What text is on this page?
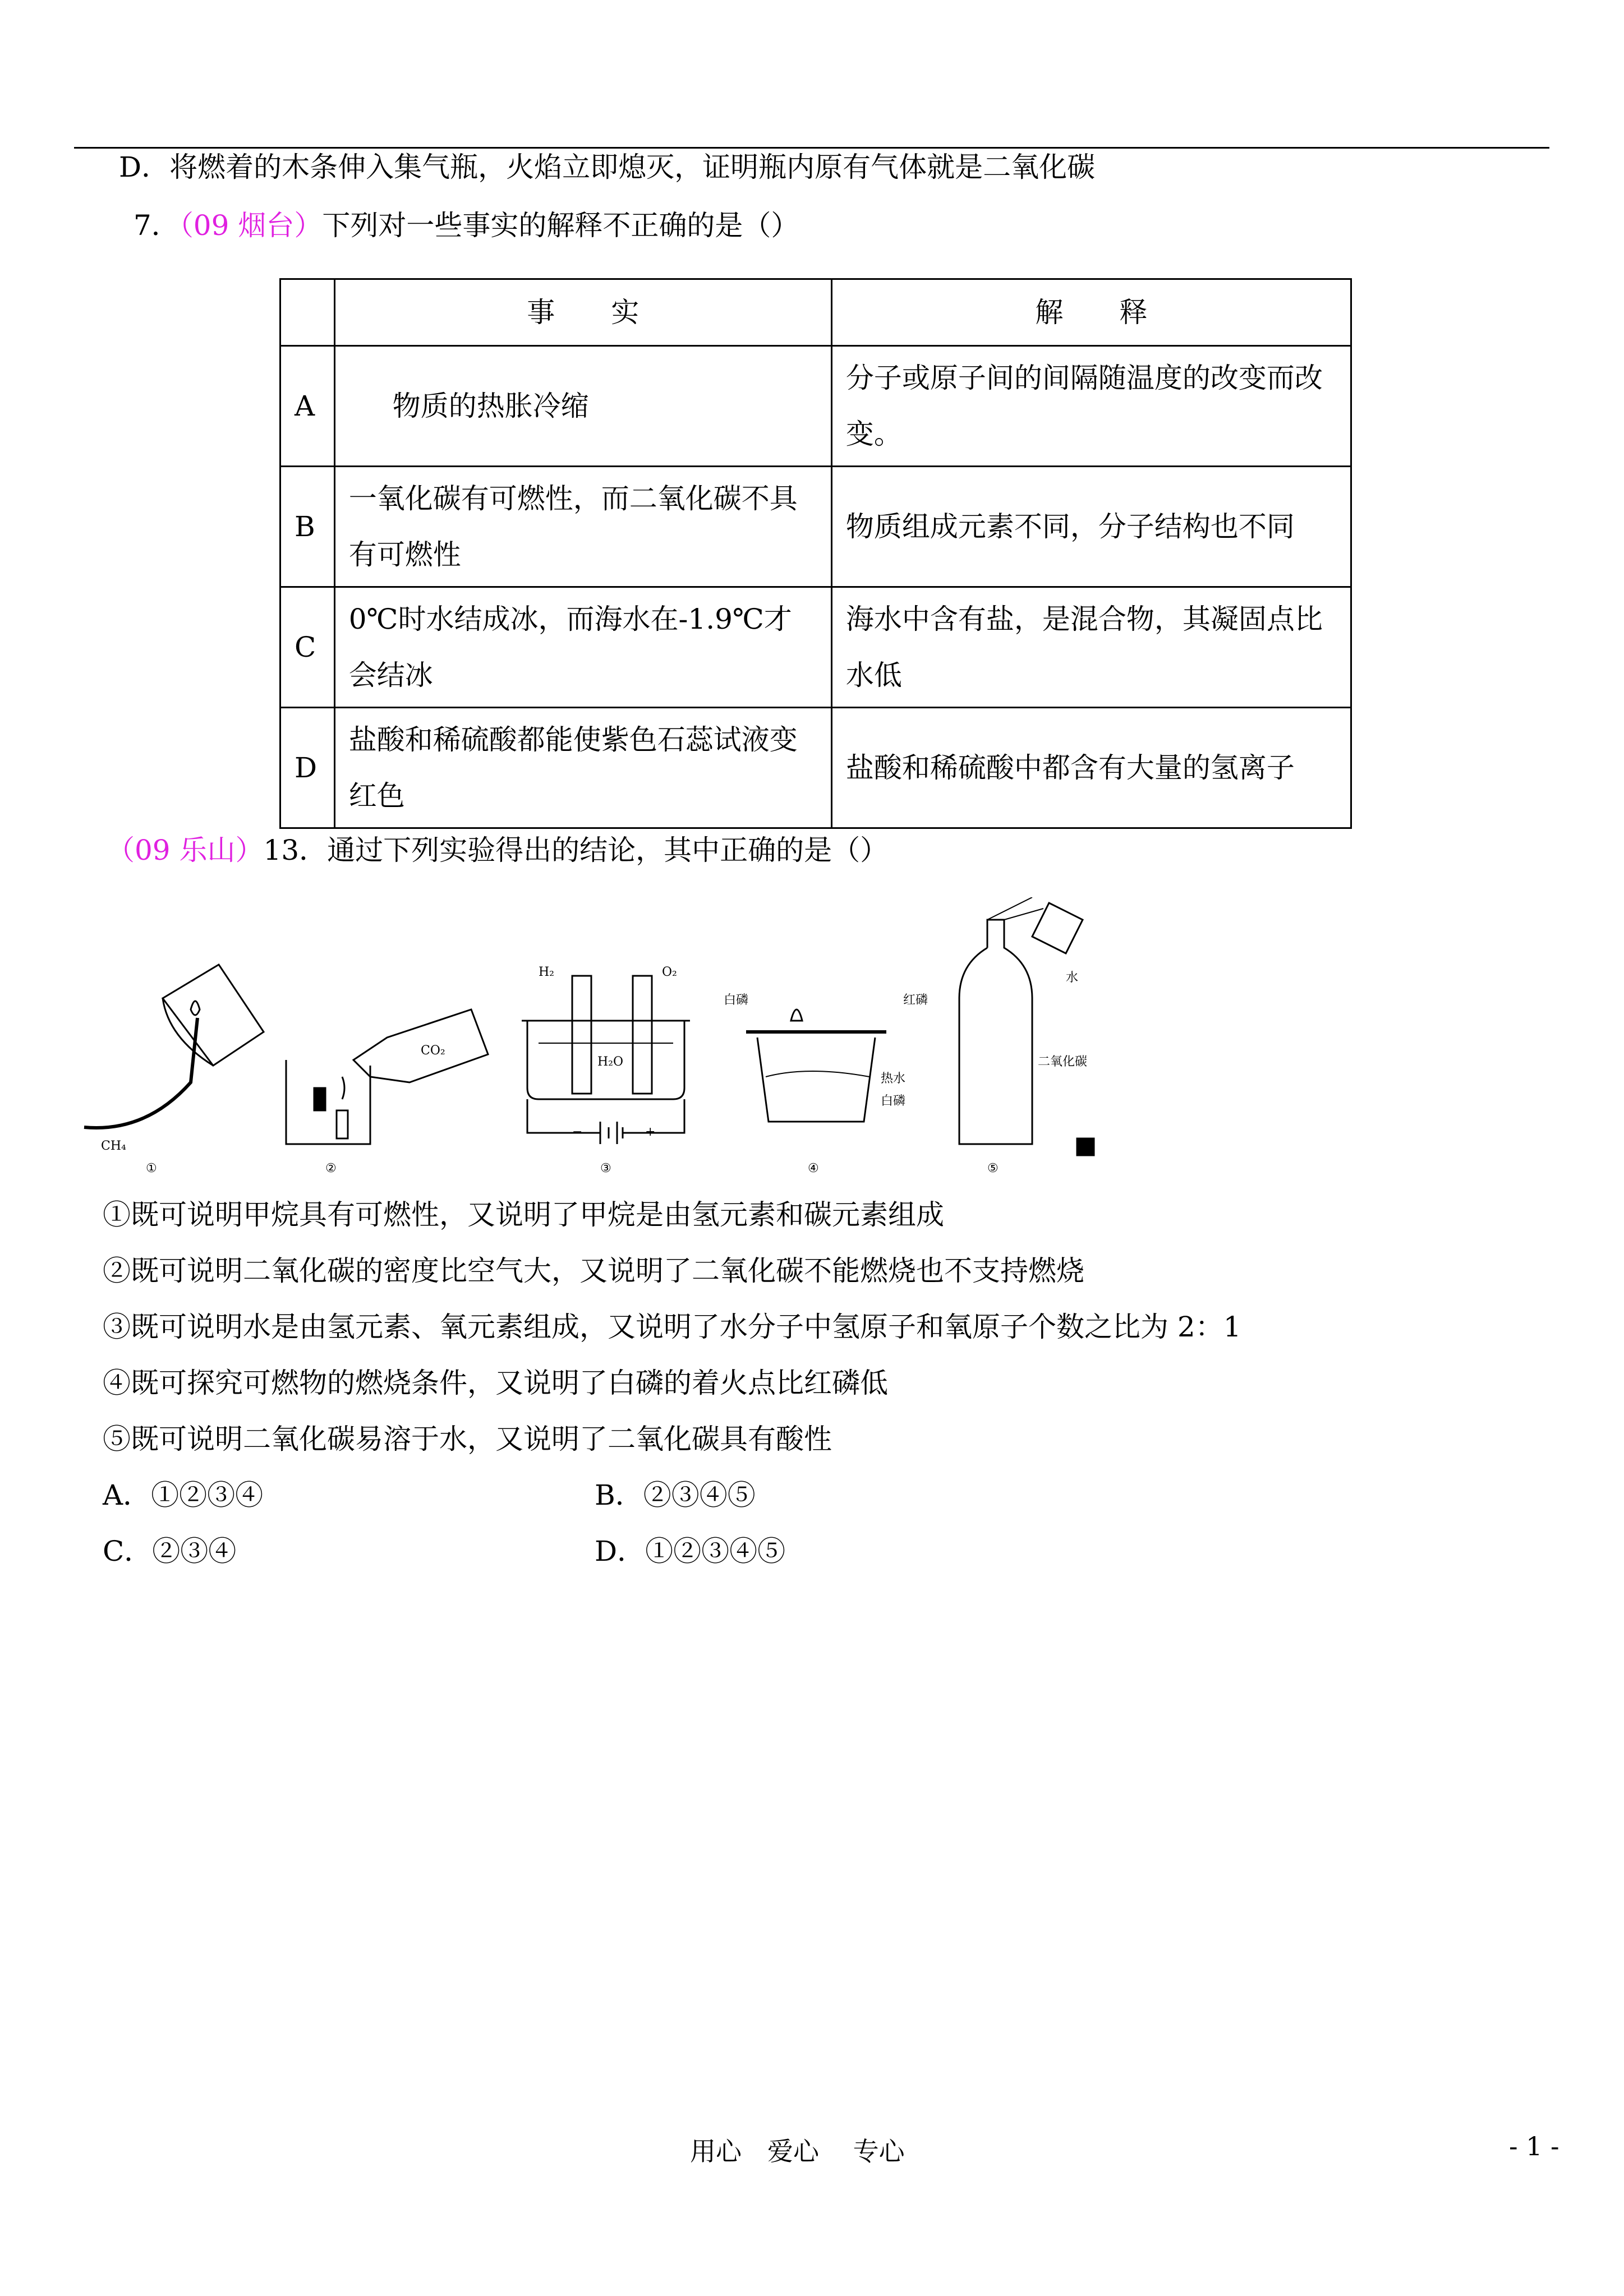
D．将燃着的木条伸入集气瓶，火焰立即熄灭，证明瓶内原有气体就是二氧化碳
7．（09 烟台）下列对一些事实的解释不正确的是（）
	事　　实	解　　释
A	物质的热胀冷缩	分子或原子间的间隔随温度的改变而改变。
B	一氧化碳有可燃性，而二氧化碳不具有可燃性	物质组成元素不同，分子结构也不同
C	0℃时水结成冰，而海水在-1.9℃才会结冰	海水中含有盐，是混合物，其凝固点比水低
D	盐酸和稀硫酸都能使紫色石蕊试液变红色	盐酸和稀硫酸中都含有大量的氢离子
（09 乐山）13．通过下列实验得出的结论，其中正确的是（）
CH₄
①
CO₂
②
H₂	O₂
H₂O
−	+
③
白磷	红磷
热水
白磷
④
水
二氧化碳
⑤
①既可说明甲烷具有可燃性，又说明了甲烷是由氢元素和碳元素组成
②既可说明二氧化碳的密度比空气大，又说明了二氧化碳不能燃烧也不支持燃烧
③既可说明水是由氢元素、氧元素组成，又说明了水分子中氢原子和氧原子个数之比为 2：1
④既可探究可燃物的燃烧条件，又说明了白磷的着火点比红磷低
⑤既可说明二氧化碳易溶于水，又说明了二氧化碳具有酸性
A．①②③④	B．②③④⑤
C．②③④	D．①②③④⑤
用心　爱心　 专心	- 1 -
